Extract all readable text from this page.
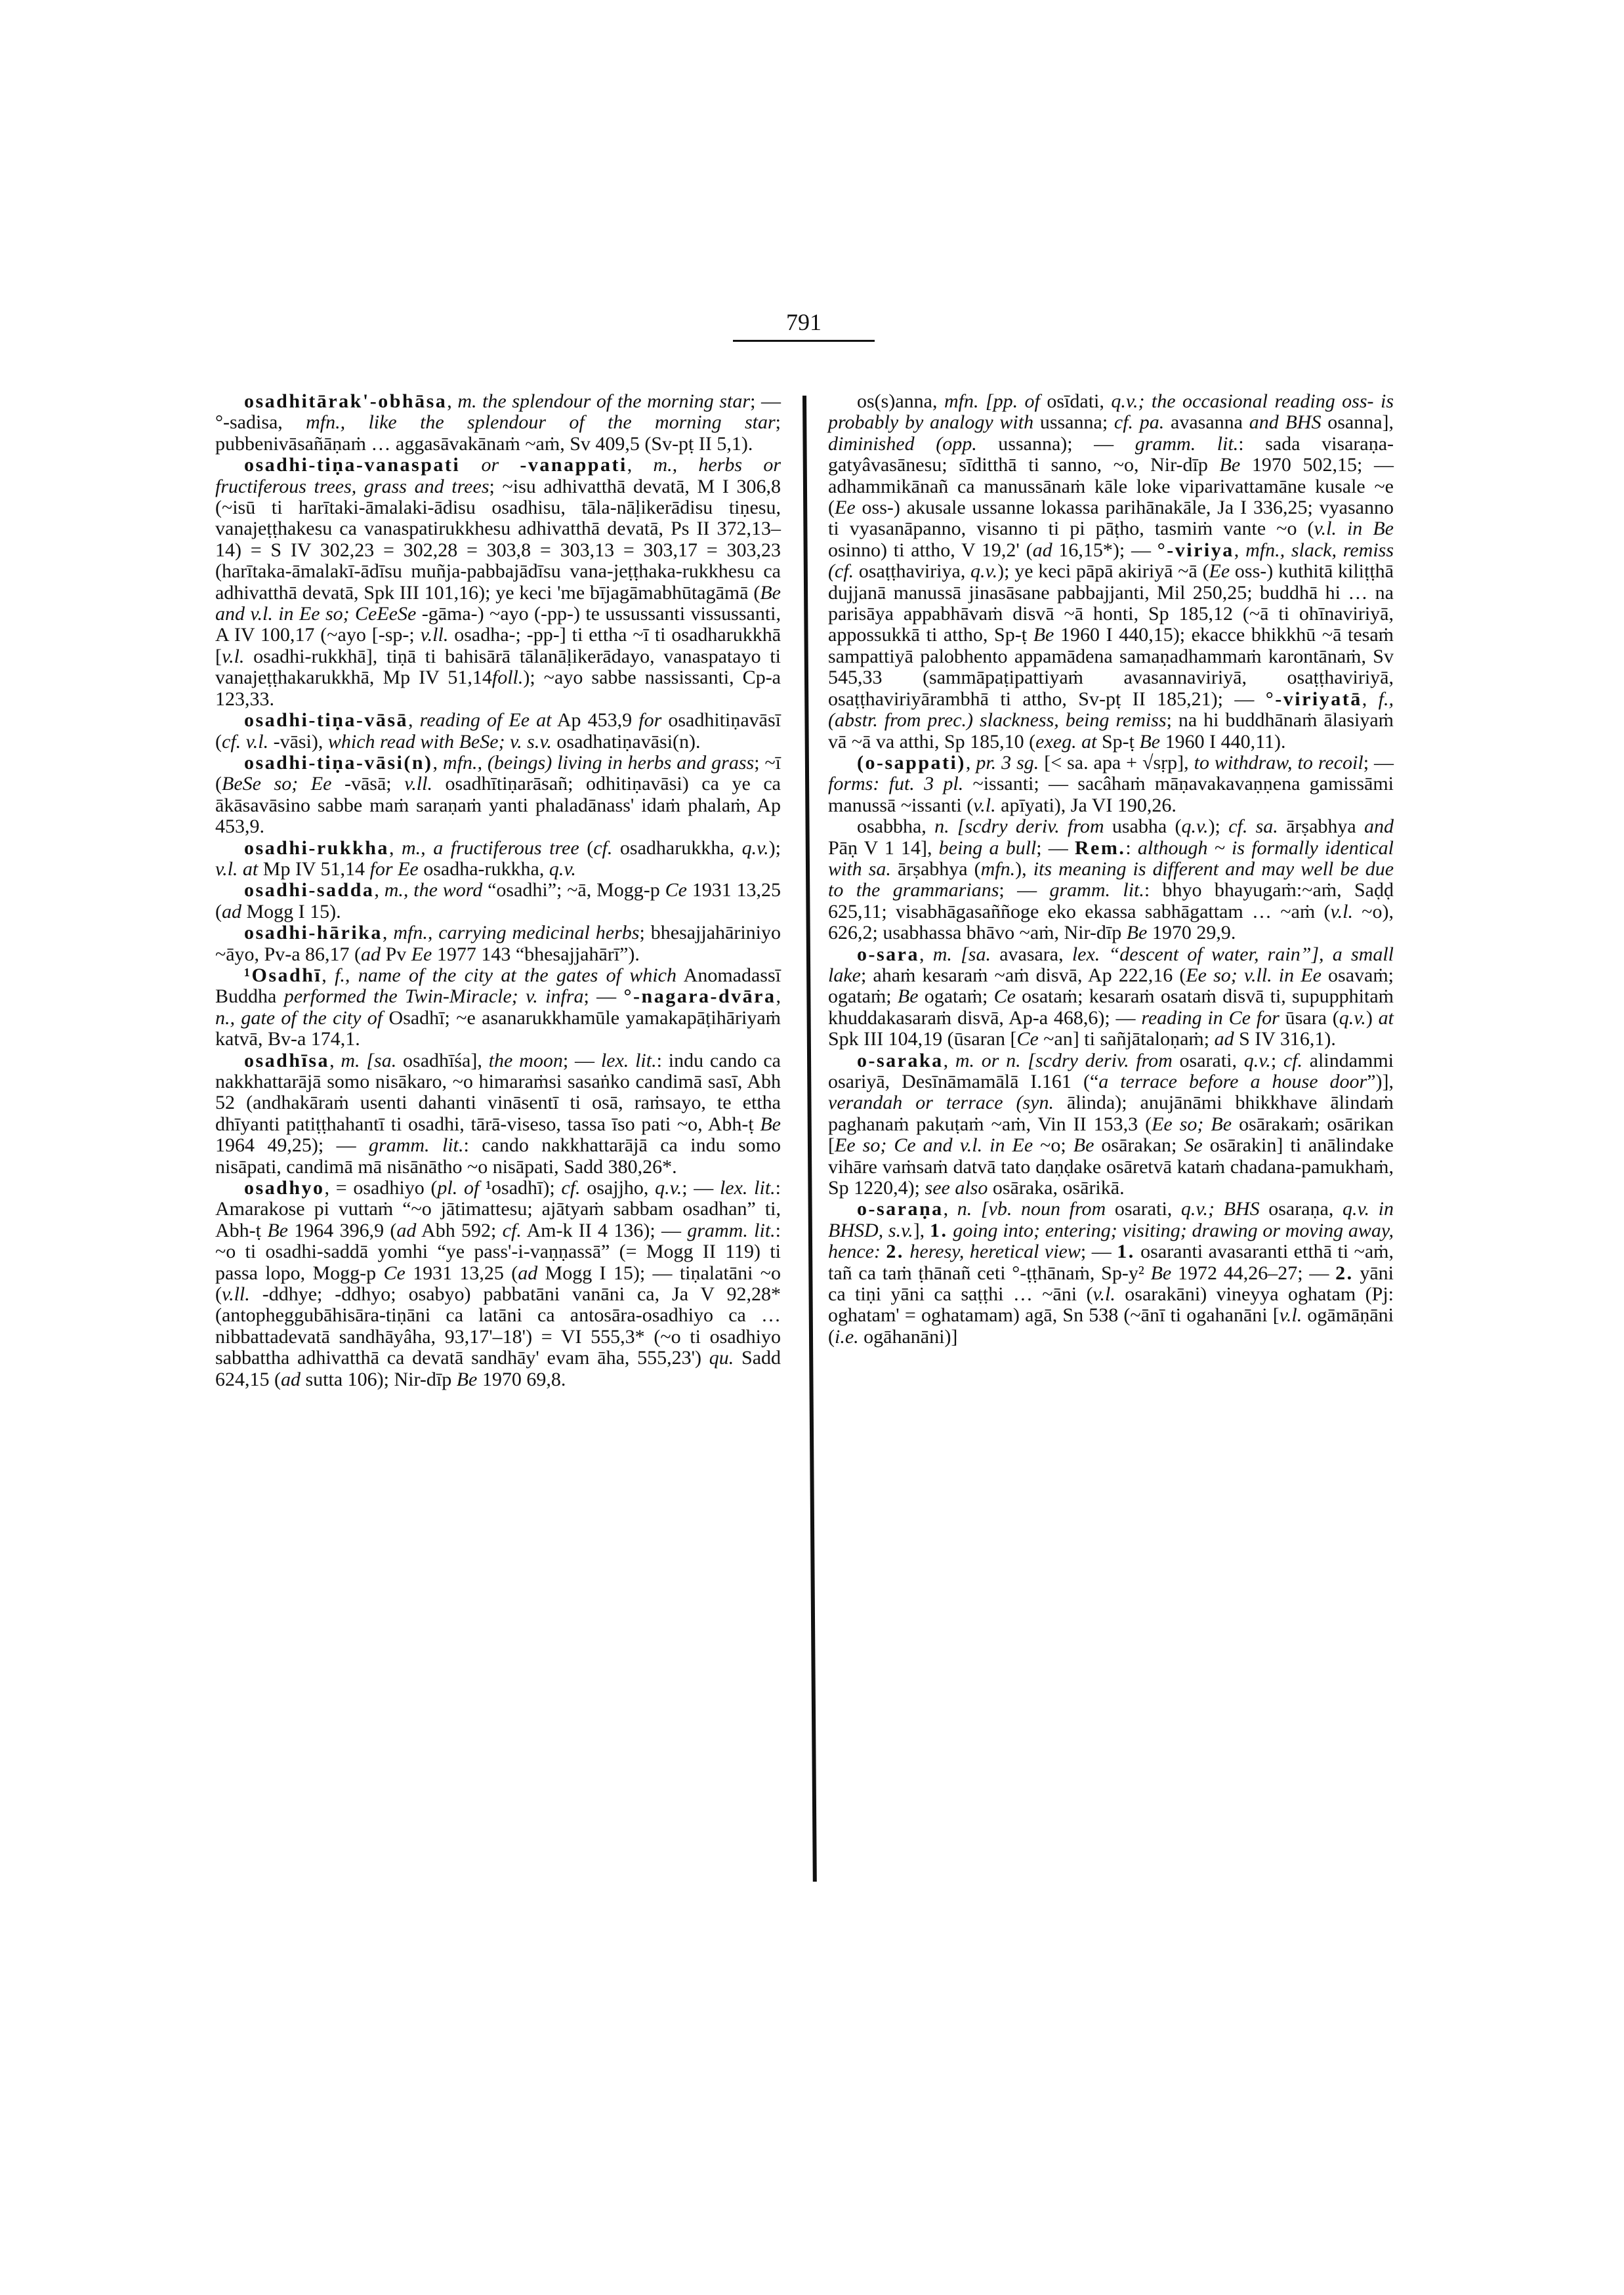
791

osadhitārak'-obhāsa, m. the splendour of the morning star; — °-sadisa, mfn., like the splendour of the morning star; pubbenivāsañāṇaṁ … aggasāvakānaṁ ~aṁ, Sv 409,5 (Sv-pṭ II 5,1).

osadhi-tiṇa-vanaspati or -vanappati, m., herbs or fructiferous trees, grass and trees; ~isu adhivatthā devatā, M I 306,8 (~isū ti harītaki-āmalaki-ādisu osadhisu, tāla-nāḷikerādisu tiṇesu, vanajeṭṭhakesu ca vanaspatirukkhesu adhivatthā devatā, Ps II 372,13–14) = S IV 302,23 = 302,28 = 303,8 = 303,13 = 303,17 = 303,23 (harītaka-āmalakī-ādīsu muñja-pabbajādīsu vana-jeṭṭhaka-rukkhesu ca adhivatthā devatā, Spk III 101,16); ye keci 'me bījagāmabhūtagāmā (Be and v.l. in Ee so; CeEeSe -gāma-) ~ayo (-pp-) te ussussanti vissussanti, A IV 100,17 (~ayo [-sp-; v.ll. osadha-; -pp-] ti ettha ~ī ti osadharukkhā [v.l. osadhi-rukkhā], tiṇā ti bahisārā tālanāḷikerādayo, vanaspatayo ti vanajeṭṭhakarukkhā, Mp IV 51,14foll.); ~ayo sabbe nassissanti, Cp-a 123,33.

osadhi-tiṇa-vāsā, reading of Ee at Ap 453,9 for osadhitiṇavāsī (cf. v.l. -vāsi), which read with BeSe; v. s.v. osadhatiṇavāsi(n).

osadhi-tiṇa-vāsi(n), mfn., (beings) living in herbs and grass; ~ī (BeSe so; Ee -vāsā; v.ll. osadhītiṇarāsañ; odhitiṇavāsi) ca ye ca ākāsavāsino sabbe maṁ saraṇaṁ yanti phaladānass' idaṁ phalaṁ, Ap 453,9.

osadhi-rukkha, m., a fructiferous tree (cf. osadharukkha, q.v.); v.l. at Mp IV 51,14 for Ee osadha-rukkha, q.v.

osadhi-sadda, m., the word “osadhi”; ~ā, Mogg-p Ce 1931 13,25 (ad Mogg I 15).

osadhi-hārika, mfn., carrying medicinal herbs; bhesajjahāriniyo ~āyo, Pv-a 86,17 (ad Pv Ee 1977 143 “bhesajjahārī”).

¹Osadhī, f., name of the city at the gates of which Anomadassī Buddha performed the Twin-Miracle; v. infra; — °-nagara-dvāra, n., gate of the city of Osadhī; ~e asanarukkhamūle yamakapāṭihāriyaṁ katvā, Bv-a 174,1.

osadhīsa, m. [sa. osadhīśa], the moon; — lex. lit.: indu cando ca nakkhattarājā somo nisākaro, ~o himaraṁsi sasaṅko candimā sasī, Abh 52 (andhakāraṁ usenti dahanti vināsentī ti osā, raṁsayo, te ettha dhīyanti patiṭṭhahantī ti osadhi, tārā-viseso, tassa īso pati ~o, Abh-ṭ Be 1964 49,25); — gramm. lit.: cando nakkhattarājā ca indu somo nisāpati, candimā mā nisānātho ~o nisāpati, Sadd 380,26*.

osadhyo, = osadhiyo (pl. of ¹osadhī); cf. osajjho, q.v.; — lex. lit.: Amarakose pi vuttaṁ “~o jātimattesu; ajātyaṁ sabbam osadhan” ti, Abh-ṭ Be 1964 396,9 (ad Abh 592; cf. Am-k II 4 136); — gramm. lit.: ~o ti osadhi-saddā yomhi “ye pass'-i-vaṇṇassā” (= Mogg II 119) ti passa lopo, Mogg-p Ce 1931 13,25 (ad Mogg I 15); — tiṇalatāni ~o (v.ll. -ddhye; -ddhyo; osabyo) pabbatāni vanāni ca, Ja V 92,28* (antopheggubāhisāra-tiṇāni ca latāni ca antosāra-osadhiyo ca … nibbattadevatā sandhāyâha, 93,17'–18') = VI 555,3* (~o ti osadhiyo sabbattha adhivatthā ca devatā sandhāy' evam āha, 555,23') qu. Sadd 624,15 (ad sutta 106); Nir-dīp Be 1970 69,8.

os(s)anna, mfn. [pp. of osīdati, q.v.; the occasional reading oss- is probably by analogy with ussanna; cf. pa. avasanna and BHS osanna], diminished (opp. ussanna); — gramm. lit.: sada visaraṇa-gatyâvasānesu; sīditthā ti sanno, ~o, Nir-dīp Be 1970 502,15; — adhammikānañ ca manussānaṁ kāle loke viparivattamāne kusale ~e (Ee oss-) akusale ussanne lokassa parihānakāle, Ja I 336,25; vyasanno ti vyasanāpanno, visanno ti pi pāṭho, tasmiṁ vante ~o (v.l. in Be osinno) ti attho, V 19,2' (ad 16,15*); — °-viriya, mfn., slack, remiss (cf. osaṭṭhaviriya, q.v.); ye keci pāpā akiriyā ~ā (Ee oss-) kuthitā kiliṭṭhā dujjanā manussā jinasāsane pabbajjanti, Mil 250,25; buddhā hi … na parisāya appabhāvaṁ disvā ~ā honti, Sp 185,12 (~ā ti ohīnaviriyā, appossukkā ti attho, Sp-ṭ Be 1960 I 440,15); ekacce bhikkhū ~ā tesaṁ sampattiyā palobhento appamādena samaṇadhammaṁ karontānaṁ, Sv 545,33 (sammāpaṭipattiyaṁ avasannaviriyā, osaṭṭhaviriyā, osaṭṭhaviriyārambhā ti attho, Sv-pṭ II 185,21); — °-viriyatā, f., (abstr. from prec.) slackness, being remiss; na hi buddhānaṁ ālasiyaṁ vā ~ā va atthi, Sp 185,10 (exeg. at Sp-ṭ Be 1960 I 440,11).

(o-sappati), pr. 3 sg. [< sa. apa + √sṛp], to withdraw, to recoil; — forms: fut. 3 pl. ~issanti; — sacâhaṁ māṇavakavaṇṇena gamissāmi manussā ~issanti (v.l. apīyati), Ja VI 190,26.

osabbha, n. [scdry deriv. from usabha (q.v.); cf. sa. ārṣabhya and Pāṇ V 1 14], being a bull; — Rem.: although ~ is formally identical with sa. ārṣabhya (mfn.), its meaning is different and may well be due to the grammarians; — gramm. lit.: bhyo bhayugaṁ:~aṁ, Saḍḍ 625,11; visabhāgasaññoge eko ekassa sabhāgattam … ~aṁ (v.l. ~o), 626,2; usabhassa bhāvo ~aṁ, Nir-dīp Be 1970 29,9.

o-sara, m. [sa. avasara, lex. “descent of water, rain”], a small lake; ahaṁ kesaraṁ ~aṁ disvā, Ap 222,16 (Ee so; v.ll. in Ee osavaṁ; ogataṁ; Be ogataṁ; Ce osataṁ; kesaraṁ osataṁ disvā ti, supupphitaṁ khuddakasaraṁ disvā, Ap-a 468,6); — reading in Ce for ūsara (q.v.) at Spk III 104,19 (ūsaran [Ce ~an] ti sañjātaloṇaṁ; ad S IV 316,1).

o-saraka, m. or n. [scdry deriv. from osarati, q.v.; cf. alindammi osariyā, Desīnāmamālā I.161 (“a terrace before a house door”)], verandah or terrace (syn. ālinda); anujānāmi bhikkhave ālindaṁ paghanaṁ pakuṭaṁ ~aṁ, Vin II 153,3 (Ee so; Be osārakaṁ; osārikan [Ee so; Ce and v.l. in Ee ~o; Be osārakan; Se osārakin] ti anālindake vihāre vaṁsaṁ datvā tato daṇḍake osāretvā kataṁ chadana-pamukhaṁ, Sp 1220,4); see also osāraka, osārikā.

o-saraṇa, n. [vb. noun from osarati, q.v.; BHS osaraṇa, q.v. in BHSD, s.v.], 1. going into; entering; visiting; drawing or moving away, hence: 2. heresy, heretical view; — 1. osaranti avasaranti etthā ti ~aṁ, tañ ca taṁ ṭhānañ ceti °-ṭṭhānaṁ, Sp-y² Be 1972 44,26–27; — 2. yāni ca tiṇi yāni ca saṭṭhi … ~āni (v.l. osarakāni) vineyya oghatam (Pj: oghatam' = oghatamam) agā, Sn 538 (~ānī ti ogahanāni [v.l. ogāmāṇāni (i.e. ogāhanāni)]
